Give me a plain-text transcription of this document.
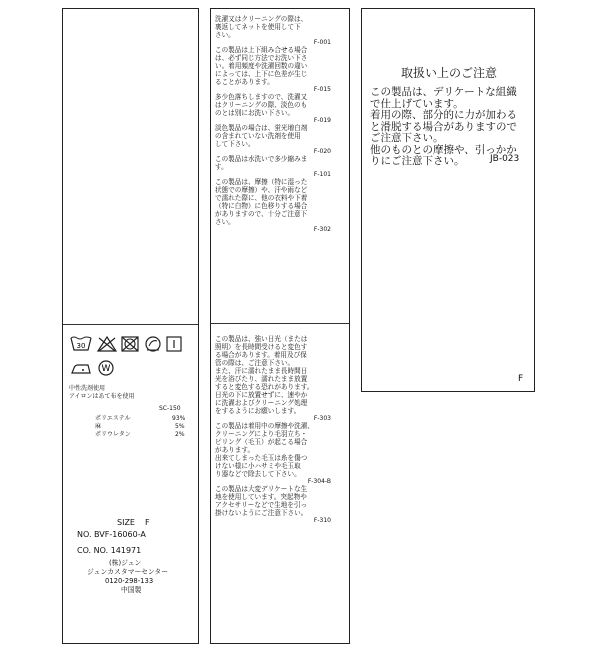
30
W
中性洗剤使用
アイロンはあて布を使用
SC-150
ポリエステル	93%
麻	5%
ポリウレタン	2%
SIZE F
NO. BVF-16060-A
CO. NO. 141971
(株)ジュン
ジュンカスタマーセンター
0120-298-133
中国製
洗濯又はクリーニングの際は、
裏返してネットを使用して下
さい。
F-001
この製品は上下組み合せる場合
は、必ず同じ方法でお洗い下さ
い。着用頻度や洗濯回数の違い
によっては、上下に色差が生じ
ることがあります。
F-015
多少色落ちしますので、洗濯又
はクリーニングの際、淡色のも
のとは別にお洗い下さい。
F-019
淡色製品の場合は、蛍光増白剤
の含まれていない洗剤を使用
して下さい。
F-020
この製品は水洗いで多少縮みま
す。
F-101
この製品は、摩擦（特に湿った
状態での摩擦）や、汗や雨など
で濡れた際に、他の衣料や下着
（特に白物）に色移りする場合
がありますので、十分ご注意下
さい。
F-302
この製品は、強い日光（または
照明）を長時間受けると変色す
る場合があります。着用及び保
管の際は、ご注意下さい。
また、汗に濡れたまま長時間日
光を浴びたり、濡れたまま放置
すると変色する恐れがあります。
日光の下に放置せずに、速やか
に洗濯およびクリーニング処理
をするようにお願いします。
F-303
この製品は着用中の摩擦や洗濯、
クリーニングにより毛羽立ち・
ピリング（毛玉）が起こる場合
があります。
出来てしまった毛玉は糸を傷つ
けない様に小ハサミや毛玉取
り器などで除去して下さい。
F-304-B
この製品は大変デリケートな生
地を使用しています。突起物や
アクセサリーなどで生地を引っ
掛けないようにご注意下さい。
F-310
取扱い上のご注意
この製品は、デリケートな組織
で仕上げています。
着用の際、部分的に力が加わる
と滑脱する場合がありますので
ご注意下さい。
他のものとの摩擦や、引っかか
りにご注意下さい。	JB-023
F
